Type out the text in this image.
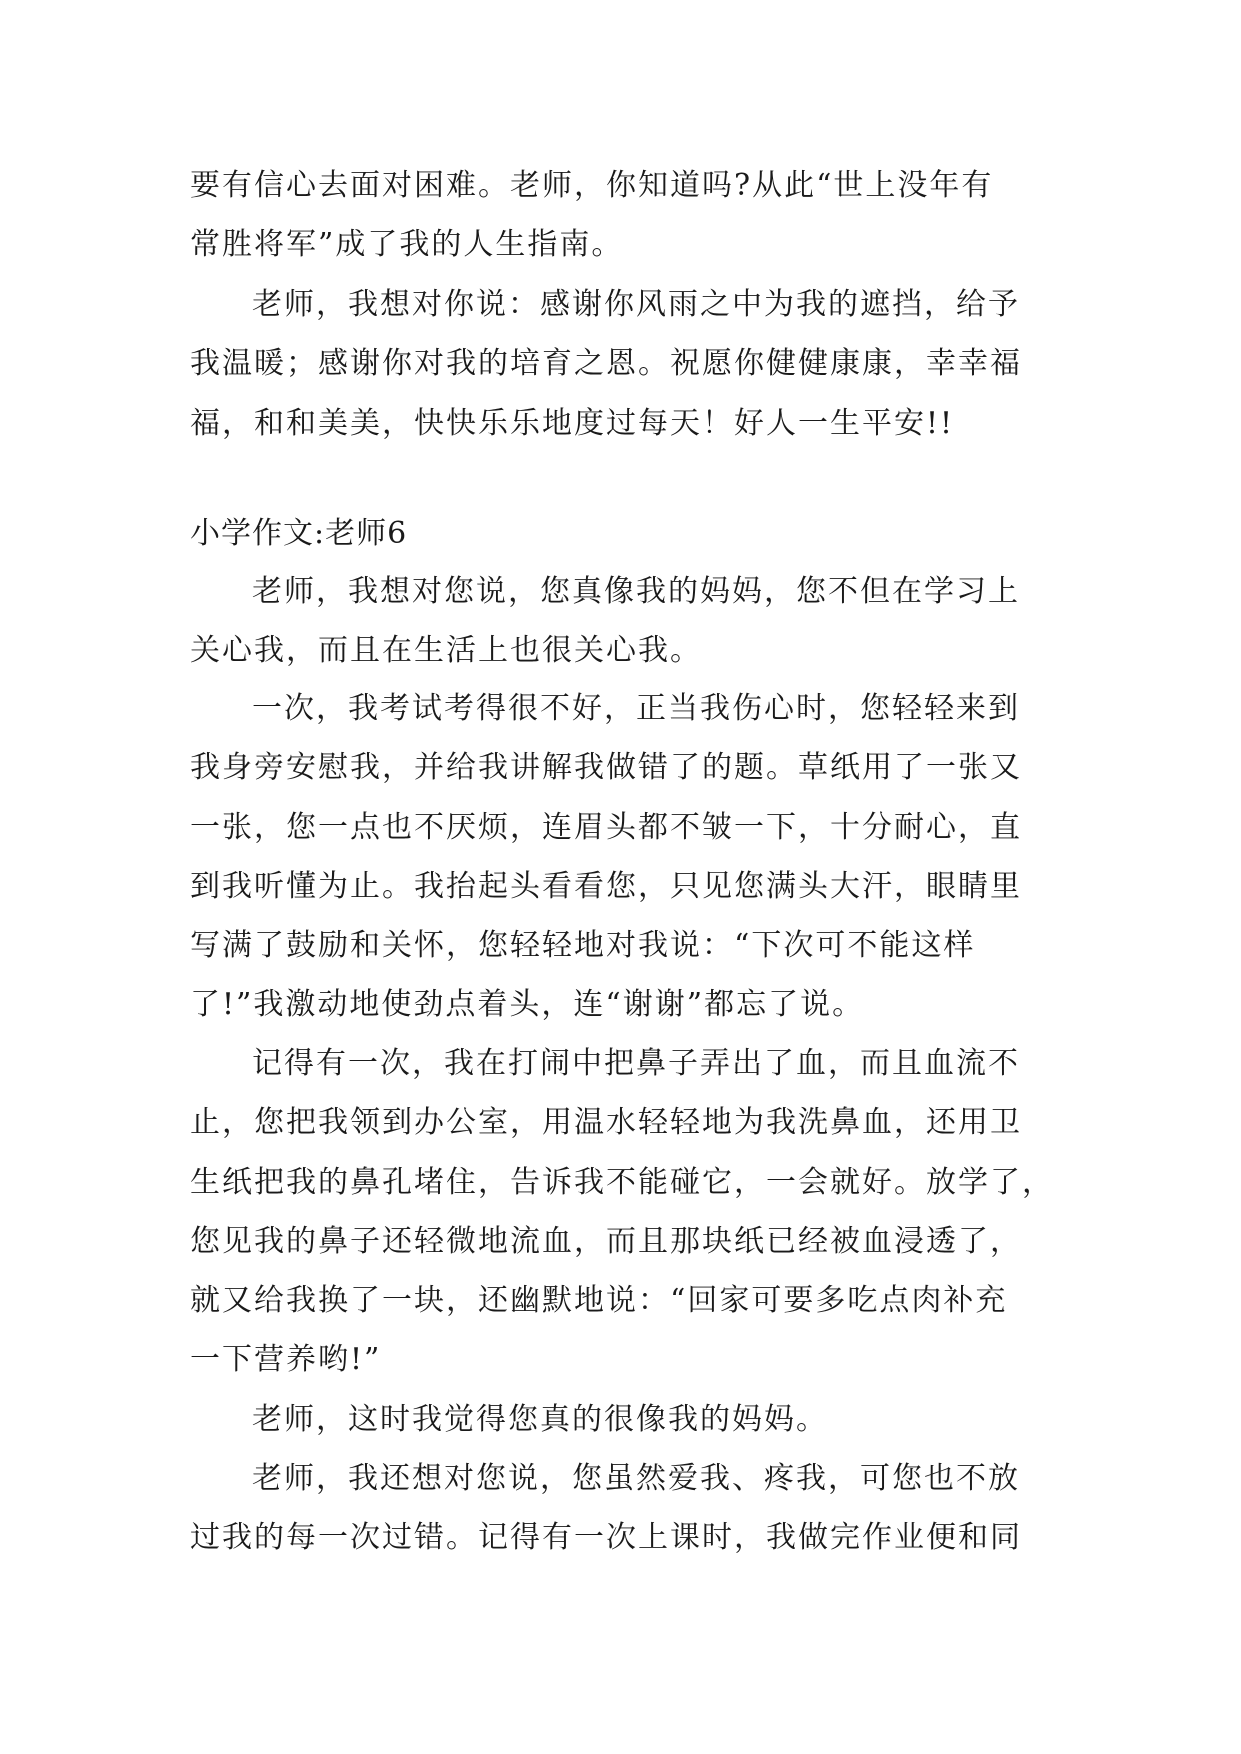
要有信心去面对困难。老师，你知道吗?从此“世上没年有
常胜将军”成了我的人生指南。
老师，我想对你说：感谢你风雨之中为我的遮挡，给予
我温暖；感谢你对我的培育之恩。祝愿你健健康康，幸幸福
福，和和美美，快快乐乐地度过每天！好人一生平安!!
小学作文:老师6
老师，我想对您说，您真像我的妈妈，您不但在学习上
关心我，而且在生活上也很关心我。
一次，我考试考得很不好，正当我伤心时，您轻轻来到
我身旁安慰我，并给我讲解我做错了的题。草纸用了一张又
一张，您一点也不厌烦，连眉头都不皱一下，十分耐心，直
到我听懂为止。我抬起头看看您，只见您满头大汗，眼睛里
写满了鼓励和关怀，您轻轻地对我说：“下次可不能这样
了!”我激动地使劲点着头，连“谢谢”都忘了说。
记得有一次，我在打闹中把鼻子弄出了血，而且血流不
止，您把我领到办公室，用温水轻轻地为我洗鼻血，还用卫
生纸把我的鼻孔堵住，告诉我不能碰它，一会就好。放学了，
您见我的鼻子还轻微地流血，而且那块纸已经被血浸透了，
就又给我换了一块，还幽默地说：“回家可要多吃点肉补充
一下营养哟!”
老师，这时我觉得您真的很像我的妈妈。
老师，我还想对您说，您虽然爱我、疼我，可您也不放
过我的每一次过错。记得有一次上课时，我做完作业便和同
